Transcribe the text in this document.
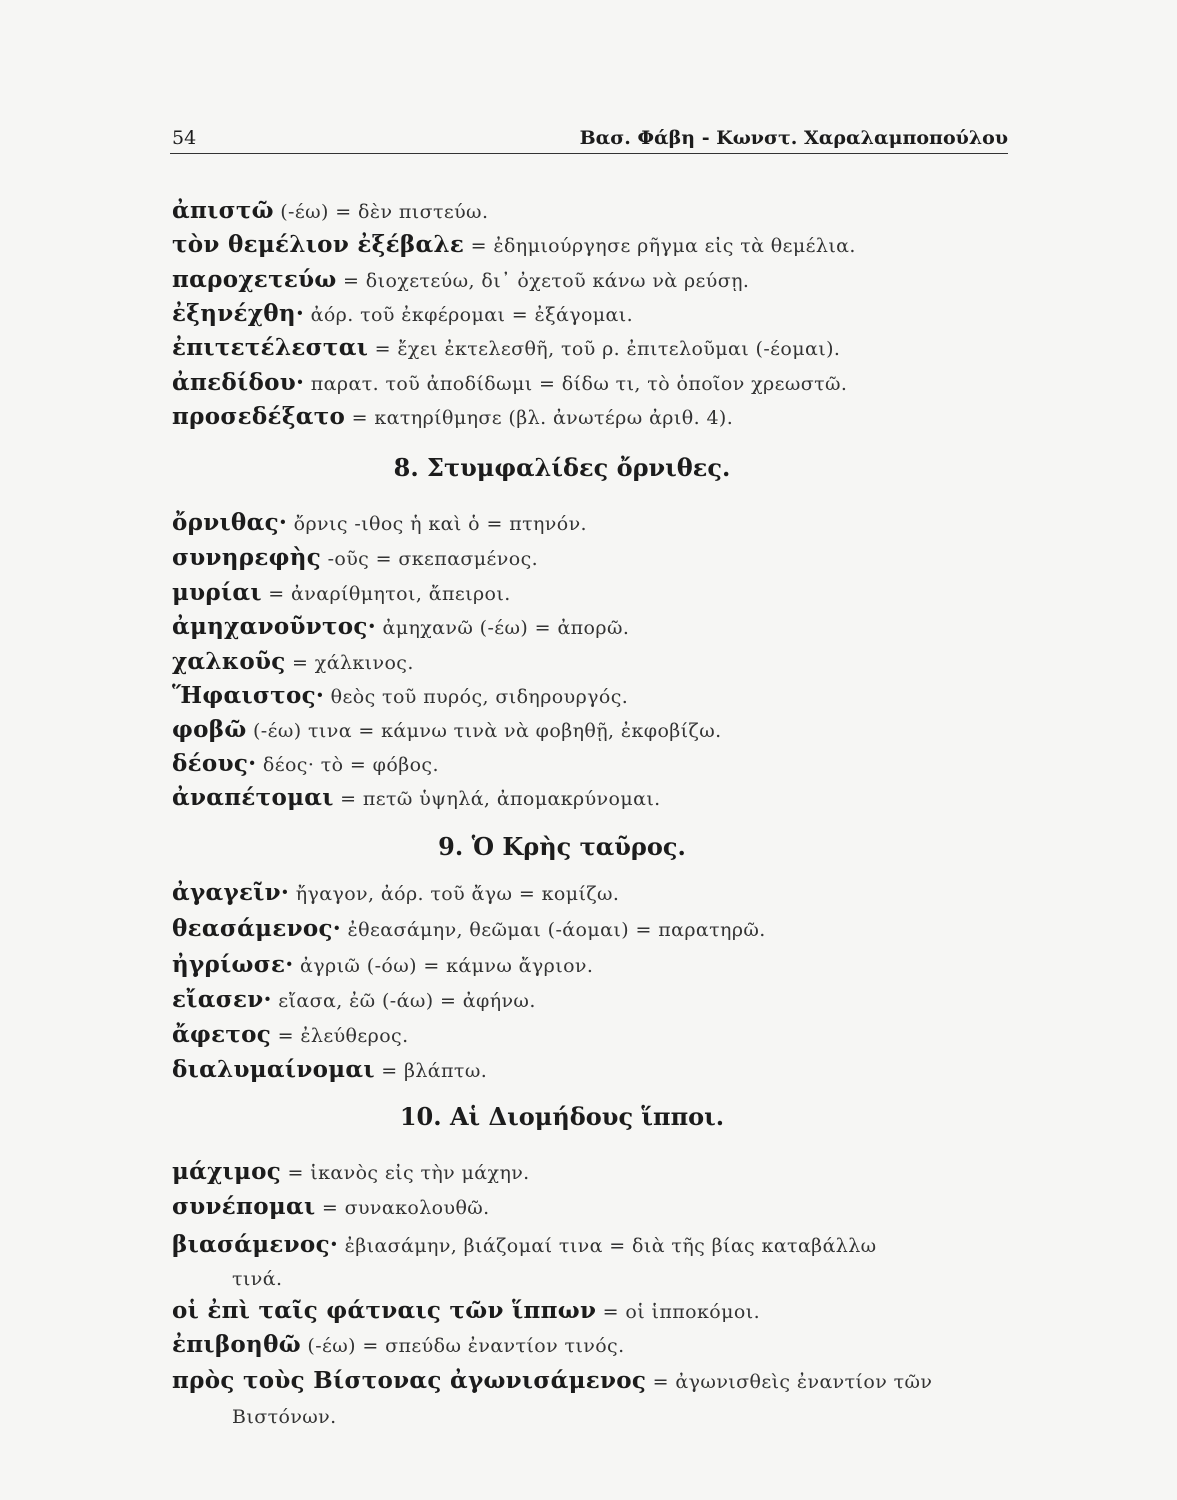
54	Βασ. Φάβη - Κωνστ. Χαραλαμποπούλου
ἀπιστῶ (-έω) = δὲν πιστεύω.
τὸν θεμέλιον ἐξέβαλε = ἐδημιούργησε ρῆγμα εἰς τὰ θεμέλια.
παροχετεύω = διοχετεύω, δι᾿ ὀχετοῦ κάνω νὰ ρεύσῃ.
ἐξηνέχθη· ἀόρ. τοῦ ἐκφέρομαι = ἐξάγομαι.
ἐπιτετέλεσται = ἔχει ἐκτελεσθῆ, τοῦ ρ. ἐπιτελοῦμαι (-έομαι).
ἀπεδίδου· παρατ. τοῦ ἀποδίδωμι = δίδω τι, τὸ ὁποῖον χρεωστῶ.
προσεδέξατο = κατηρίθμησε (βλ. ἀνωτέρω ἀριθ. 4).
8. Στυμφαλίδες ὄρνιθες.
ὄρνιθας· ὄρνις -ιθος ἡ καὶ ὁ = πτηνόν.
συνηρεφὴς -οῦς = σκεπασμένος.
μυρίαι = ἀναρίθμητοι, ἄπειροι.
ἀμηχανοῦντος· ἀμηχανῶ (-έω) = ἀπορῶ.
χαλκοῦς = χάλκινος.
Ἥφαιστος· θεὸς τοῦ πυρός, σιδηρουργός.
φοβῶ (-έω) τινα = κάμνω τινὰ νὰ φοβηθῇ, ἐκφοβίζω.
δέους· δέος· τὸ = φόβος.
ἀναπέτομαι = πετῶ ὑψηλά, ἀπομακρύνομαι.
9. Ὁ Κρὴς ταῦρος.
ἀγαγεῖν· ἤγαγον, ἀόρ. τοῦ ἄγω = κομίζω.
θεασάμενος· ἐθεασάμην, θεῶμαι (-άομαι) = παρατηρῶ.
ἠγρίωσε· ἀγριῶ (-όω) = κάμνω ἄγριον.
εἴασεν· εἴασα, ἐῶ (-άω) = ἀφήνω.
ἄφετος = ἐλεύθερος.
διαλυμαίνομαι = βλάπτω.
10. Αἱ Διομήδους ἵπποι.
μάχιμος = ἱκανὸς εἰς τὴν μάχην.
συνέπομαι = συνακολουθῶ.
βιασάμενος· ἐβιασάμην, βιάζομαί τινα = διὰ τῆς βίας καταβάλλω
τινά.
οἱ ἐπὶ ταῖς φάτναις τῶν ἵππων = οἱ ἱπποκόμοι.
ἐπιβοηθῶ (-έω) = σπεύδω ἐναντίον τινός.
πρὸς τοὺς Βίστονας ἀγωνισάμενος = ἀγωνισθεὶς ἐναντίον τῶν
Βιστόνων.
